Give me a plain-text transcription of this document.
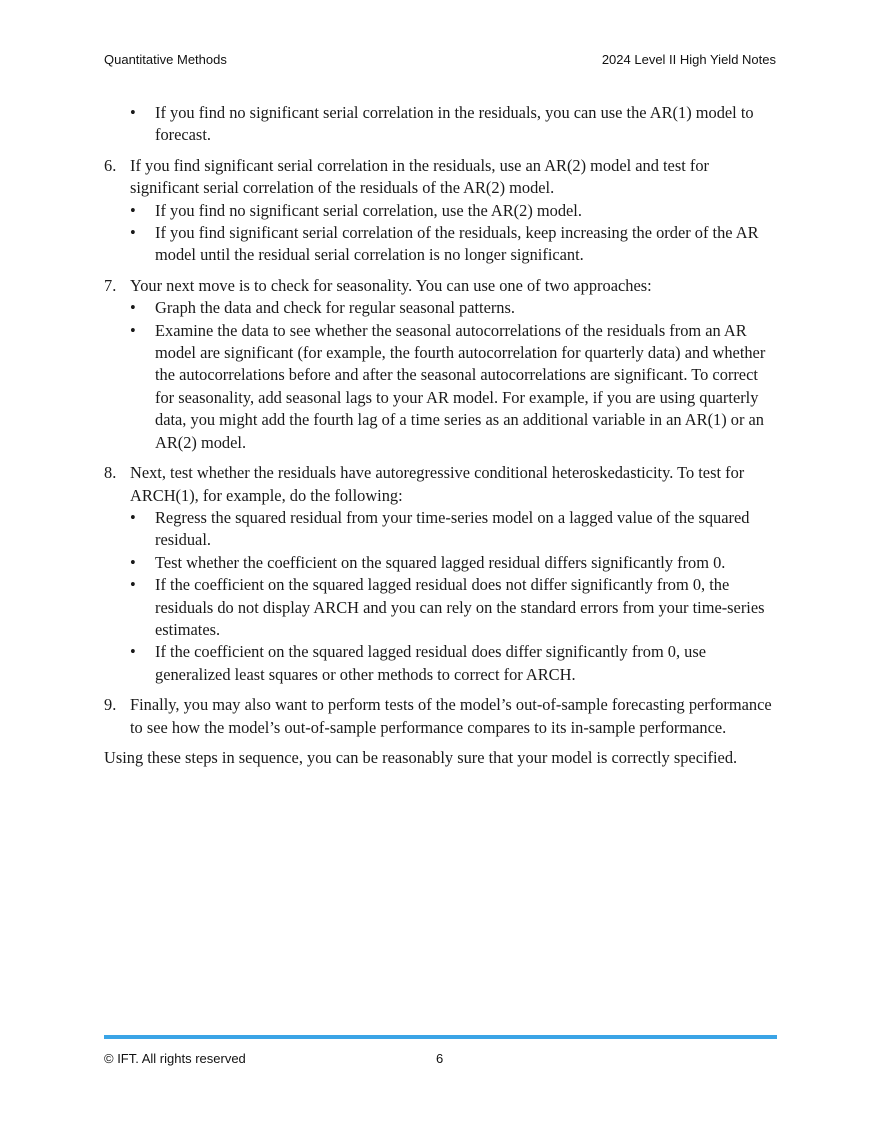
Quantitative Methods	2024 Level II High Yield Notes

• If you find no significant serial correlation in the residuals, you can use the AR(1) model to forecast.

6. If you find significant serial correlation in the residuals, use an AR(2) model and test for significant serial correlation of the residuals of the AR(2) model.

• If you find no significant serial correlation, use the AR(2) model.

• If you find significant serial correlation of the residuals, keep increasing the order of the AR model until the residual serial correlation is no longer significant.

7. Your next move is to check for seasonality. You can use one of two approaches:

• Graph the data and check for regular seasonal patterns.

• Examine the data to see whether the seasonal autocorrelations of the residuals from an AR model are significant (for example, the fourth autocorrelation for quarterly data) and whether the autocorrelations before and after the seasonal autocorrelations are significant. To correct for seasonality, add seasonal lags to your AR model. For example, if you are using quarterly data, you might add the fourth lag of a time series as an additional variable in an AR(1) or an AR(2) model.

8. Next, test whether the residuals have autoregressive conditional heteroskedasticity. To test for ARCH(1), for example, do the following:

• Regress the squared residual from your time-series model on a lagged value of the squared residual.

• Test whether the coefficient on the squared lagged residual differs significantly from 0.

• If the coefficient on the squared lagged residual does not differ significantly from 0, the residuals do not display ARCH and you can rely on the standard errors from your time-series estimates.

• If the coefficient on the squared lagged residual does differ significantly from 0, use generalized least squares or other methods to correct for ARCH.

9. Finally, you may also want to perform tests of the model’s out-of-sample forecasting performance to see how the model’s out-of-sample performance compares to its in-sample performance.

Using these steps in sequence, you can be reasonably sure that your model is correctly specified.

© IFT. All rights reserved	6
